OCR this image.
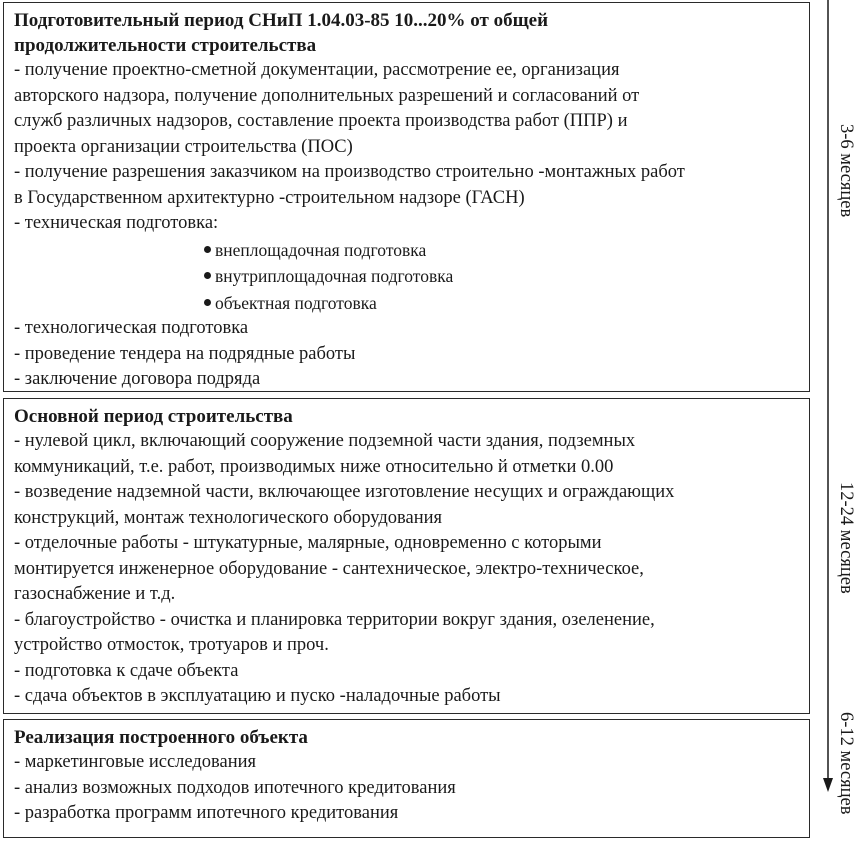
Подготовительный период СНиП 1.04.03-85 10...20% от общей
продолжительности строительства
- получение проектно-сметной документации, рассмотрение ее, организация
авторского надзора, получение дополнительных разрешений и согласований от
служб различных надзоров, составление проекта производства работ (ППР) и
проекта организации строительства (ПОС)
- получение разрешения заказчиком на производство строительно -монтажных работ
в Государственном архитектурно -строительном надзоре (ГАСН)
- техническая подготовка:
внеплощадочная подготовка
внутриплощадочная подготовка
объектная подготовка
- технологическая подготовка
- проведение тендера на подрядные работы
- заключение договора подряда
Основной период строительства
- нулевой цикл, включающий сооружение подземной части здания, подземных
коммуникаций, т.е. работ, производимых ниже относительно й отметки 0.00
- возведение надземной части, включающее изготовление несущих и ограждающих
конструкций, монтаж технологического оборудования
- отделочные работы - штукатурные, малярные, одновременно с которыми
монтируется инженерное оборудование - сантехническое, электро-техническое,
газоснабжение и т.д.
- благоустройство - очистка и планировка территории вокруг здания, озеленение,
устройство отмосток, тротуаров и проч.
- подготовка к сдаче объекта
- сдача объектов в эксплуатацию и пуско -наладочные работы
Реализация построенного объекта
- маркетинговые исследования
- анализ возможных подходов ипотечного кредитования
- разработка программ ипотечного кредитования
3-6 месяцев
12-24 месяцев
6-12 месяцев
